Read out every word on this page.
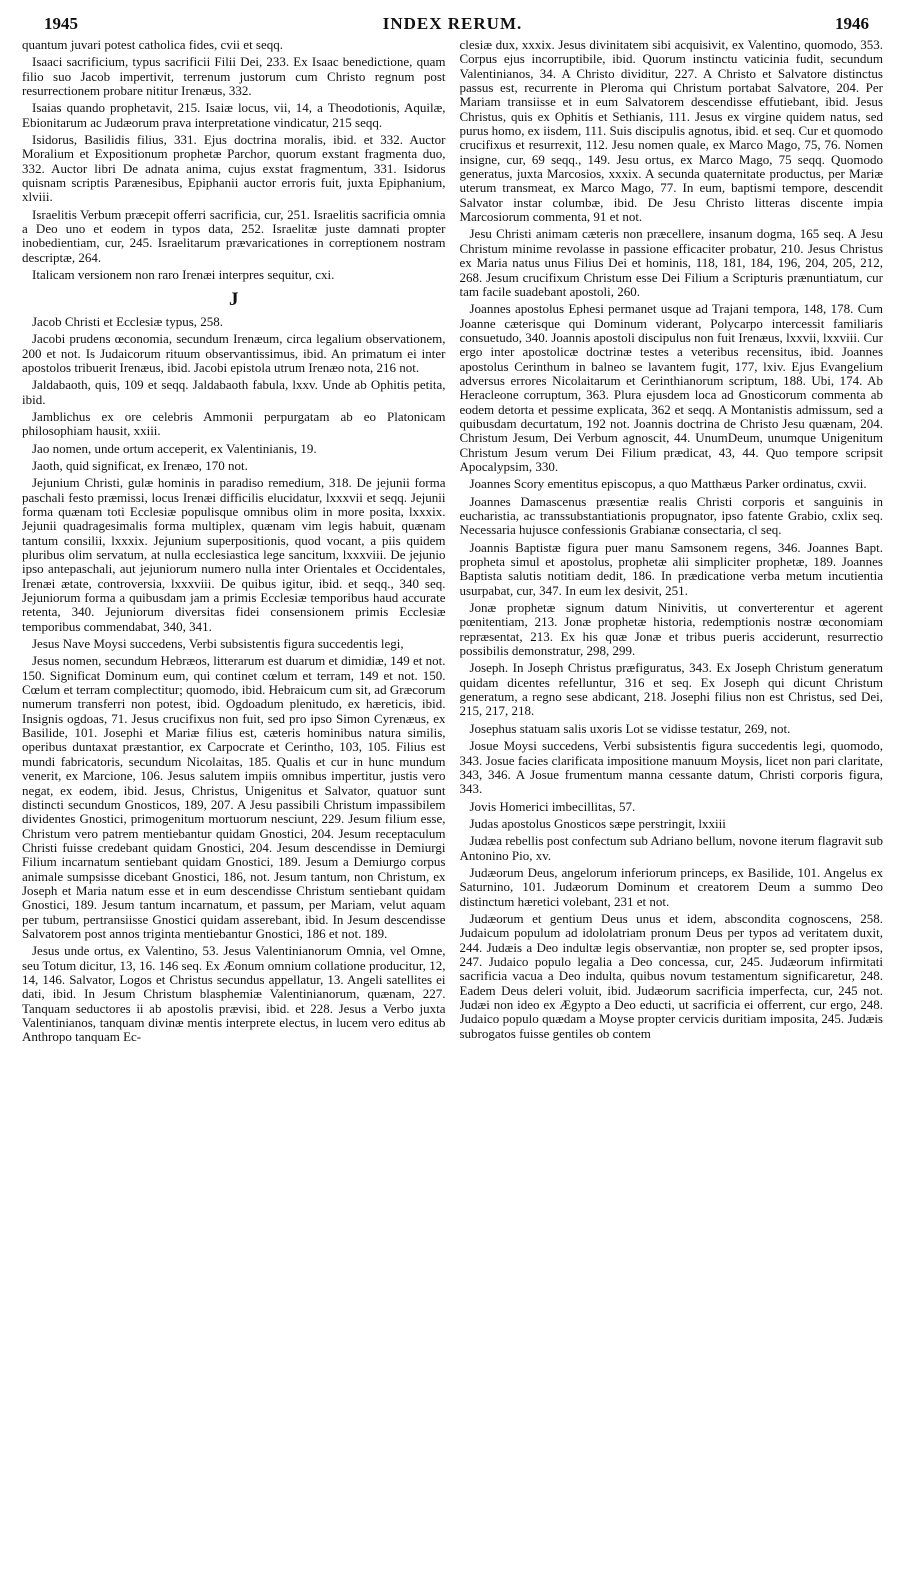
1945	INDEX RERUM.	1946

quantum juvari potest catholica fides, cvii et seqq.

Isaaci sacrificium, typus sacrificii Filii Dei, 233. Ex Isaac benedictione, quam filio suo Jacob impertivit, terrenum justorum cum Christo regnum post resurrectionem probare nititur Irenæus, 332.

Isaias quando prophetavit, 215. Isaiæ locus, vii, 14, a Theodotionis, Aquilæ, Ebionitarum ac Judæorum prava interpretatione vindicatur, 215 seqq.

Isidorus, Basilidis filius, 331. Ejus doctrina moralis, ibid. et 332. Auctor Moralium et Expositionum prophetæ Parchor, quorum exstant fragmenta duo, 332. Auctor libri De adnata anima, cujus exstat fragmentum, 331. Isidorus quisnam scriptis Parænesibus, Epiphanii auctor erroris fuit, juxta Epiphanium, xlviii.

Israelitis Verbum præcepit offerri sacrificia, cur, 251. Israelitis sacrificia omnia a Deo uno et eodem in typos data, 252. Israelitæ juste damnati propter inobedientiam, cur, 245. Israelitarum prævaricationes in correptionem nostram descriptæ, 264.

Italicam versionem non raro Irenæi interpres sequitur, cxi.

J

Jacob Christi et Ecclesiæ typus, 258.

Jacobi prudens œconomia, secundum Irenæum, circa legalium observationem, 200 et not. Is Judaicorum rituum observantissimus, ibid. An primatum ei inter apostolos tribuerit Irenæus, ibid. Jacobi epistola utrum Irenæo nota, 216 not.

Jaldabaoth, quis, 109 et seqq. Jaldabaoth fabula, lxxv. Unde ab Ophitis petita, ibid.

Jamblichus ex ore celebris Ammonii perpurgatam ab eo Platonicam philosophiam hausit, xxiii.

Jao nomen, unde ortum acceperit, ex Valentinianis, 19.

Jaoth, quid significat, ex Irenæo, 170 not.

Jejunium Christi, gulæ hominis in paradiso remedium, 318. De jejunii forma paschali festo præmissi, locus Irenæi difficilis elucidatur, lxxxvii et seqq. Jejunii forma quænam toti Ecclesiæ populisque omnibus olim in more posita, lxxxix. Jejunii quadragesimalis forma multiplex, quænam vim legis habuit, quænam tantum consilii, lxxxix. Jejunium superpositionis, quod vocant, a piis quidem pluribus olim servatum, at nulla ecclesiastica lege sancitum, lxxxviii. De jejunio ipso antepaschali, aut jejuniorum numero nulla inter Orientales et Occidentales, Irenæi ætate, controversia, lxxxviii. De quibus igitur, ibid. et seqq., 340 seq. Jejuniorum forma a quibusdam jam a primis Ecclesiæ temporibus haud accurate retenta, 340. Jejuniorum diversitas fidei consensionem primis Ecclesiæ temporibus commendabat, 340, 341.

Jesus Nave Moysi succedens, Verbi subsistentis figura succedentis legi,

Jesus nomen, secundum Hebræos, litterarum est duarum et dimidiæ, 149 et not. 150. Significat Dominum eum, qui continet cœlum et terram, 149 et not. 150. Cœlum et terram complectitur; quomodo, ibid. Hebraicum cum sit, ad Græcorum numerum transferri non potest, ibid. Ogdoadum plenitudo, ex hæreticis, ibid. Insignis ogdoas, 71. Jesus crucifixus non fuit, sed pro ipso Simon Cyrenæus, ex Basilide, 101. Josephi et Mariæ filius est, cæteris hominibus natura similis, operibus duntaxat præstantior, ex Carpocrate et Cerintho, 103, 105. Filius est mundi fabricatoris, secundum Nicolaitas, 185. Qualis et cur in hunc mundum venerit, ex Marcione, 106. Jesus salutem impiis omnibus impertitur, justis vero negat, ex eodem, ibid. Jesus, Christus, Unigenitus et Salvator, quatuor sunt distincti secundum Gnosticos, 189, 207. A Jesu passibili Christum impassibilem dividentes Gnostici, primogenitum mortuorum nesciunt, 229. Jesum filium esse, Christum vero patrem mentiebantur quidam Gnostici, 204. Jesum receptaculum Christi fuisse credebant quidam Gnostici, 204. Jesum descendisse in Demiurgi Filium incarnatum sentiebant quidam Gnostici, 189. Jesum a Demiurgo corpus animale sumpsisse dicebant Gnostici, 186, not. Jesum tantum, non Christum, ex Joseph et Maria natum esse et in eum descendisse Christum sentiebant quidam Gnostici, 189. Jesum tantum incarnatum, et passum, per Mariam, velut aquam per tubum, pertransiisse Gnostici quidam asserebant, ibid. In Jesum descendisse Salvatorem post annos triginta mentiebantur Gnostici, 186 et not. 189.

Jesus unde ortus, ex Valentino, 53. Jesus Valentinianorum Omnia, vel Omne, seu Totum dicitur, 13, 16. 146 seq. Ex Æonum omnium collatione producitur, 12, 14, 146. Salvator, Logos et Christus secundus appellatur, 13. Angeli satellites ei dati, ibid. In Jesum Christum blasphemiæ Valentinianorum, quænam, 227. Tanquam seductores ii ab apostolis prævisi, ibid. et 228. Jesus a Verbo juxta Valentinianos, tanquam divinæ mentis interprete electus, in lucem vero editus ab Anthropo tanquam Ec-

clesiæ dux, xxxix. Jesus divinitatem sibi acquisivit, ex Valentino, quomodo, 353. Corpus ejus incorruptibile, ibid. Quorum instinctu vaticinia fudit, secundum Valentinianos, 34. A Christo dividitur, 227. A Christo et Salvatore distinctus passus est, recurrente in Pleroma qui Christum portabat Salvatore, 204. Per Mariam transiisse et in eum Salvatorem descendisse effutiebant, ibid. Jesus Christus, quis ex Ophitis et Sethianis, 111. Jesus ex virgine quidem natus, sed purus homo, ex iisdem, 111. Suis discipulis agnotus, ibid. et seq. Cur et quomodo crucifixus et resurrexit, 112. Jesu nomen quale, ex Marco Mago, 75, 76. Nomen insigne, cur, 69 seqq., 149. Jesu ortus, ex Marco Mago, 75 seqq. Quomodo generatus, juxta Marcosios, xxxix. A secunda quaternitate productus, per Mariæ uterum transmeat, ex Marco Mago, 77. In eum, baptismi tempore, descendit Salvator instar columbæ, ibid. De Jesu Christo litteras discente impia Marcosiorum commenta, 91 et not.

Jesu Christi animam cæteris non præcellere, insanum dogma, 165 seq. A Jesu Christum minime revolasse in passione efficaciter probatur, 210. Jesus Christus ex Maria natus unus Filius Dei et hominis, 118, 181, 184, 196, 204, 205, 212, 268. Jesum crucifixum Christum esse Dei Filium a Scripturis prænuntiatum, cur tam facile suadebant apostoli, 260.

Joannes apostolus Ephesi permanet usque ad Trajani tempora, 148, 178. Cum Joanne cæterisque qui Dominum viderant, Polycarpo intercessit familiaris consuetudo, 340. Joannis apostoli discipulus non fuit Irenæus, lxxvii, lxxviii. Cur ergo inter apostolicæ doctrinæ testes a veteribus recensitus, ibid. Joannes apostolus Cerinthum in balneo se lavantem fugit, 177, lxiv. Ejus Evangelium adversus errores Nicolaitarum et Cerinthianorum scriptum, 188. Ubi, 174. Ab Heracleone corruptum, 363. Plura ejusdem loca ad Gnosticorum commenta ab eodem detorta et pessime explicata, 362 et seqq. A Montanistis admissum, sed a quibusdam decurtatum, 192 not. Joannis doctrina de Christo Jesu quænam, 204. Christum Jesum, Dei Verbum agnoscit, 44. UnumDeum, unumque Unigenitum Christum Jesum verum Dei Filium prædicat, 43, 44. Quo tempore scripsit Apocalypsim, 330.

Joannes Scory ementitus episcopus, a quo Matthæus Parker ordinatus, cxvii.

Joannes Damascenus præsentiæ realis Christi corporis et sanguinis in eucharistia, ac transsubstantiationis propugnator, ipso fatente Grabio, cxlix seq. Necessaria hujusce confessionis Grabianæ consectaria, cl seq.

Joannis Baptistæ figura puer manu Samsonem regens, 346. Joannes Bapt. propheta simul et apostolus, prophetæ alii simpliciter prophetæ, 189. Joannes Baptista salutis notitiam dedit, 186. In prædicatione verba metum incutientia usurpabat, cur, 347. In eum lex desivit, 251.

Jonæ prophetæ signum datum Ninivitis, ut converterentur et agerent pœnitentiam, 213. Jonæ prophetæ historia, redemptionis nostræ œconomiam repræsentat, 213. Ex his quæ Jonæ et tribus pueris acciderunt, resurrectio possibilis demonstratur, 298, 299.

Joseph. In Joseph Christus præfiguratus, 343. Ex Joseph Christum generatum quidam dicentes refelluntur, 316 et seq. Ex Joseph qui dicunt Christum generatum, a regno sese abdicant, 218. Josephi filius non est Christus, sed Dei, 215, 217, 218.

Josephus statuam salis uxoris Lot se vidisse testatur, 269, not.

Josue Moysi succedens, Verbi subsistentis figura succedentis legi, quomodo, 343. Josue facies clarificata impositione manuum Moysis, licet non pari claritate, 343, 346. A Josue frumentum manna cessante datum, Christi corporis figura, 343.

Jovis Homerici imbecillitas, 57.

Judas apostolus Gnosticos sæpe perstringit, lxxiii

Judæa rebellis post confectum sub Adriano bellum, novone iterum flagravit sub Antonino Pio, xv.

Judæorum Deus, angelorum inferiorum princeps, ex Basilide, 101. Angelus ex Saturnino, 101. Judæorum Dominum et creatorem Deum a summo Deo distinctum hæretici volebant, 231 et not.

Judæorum et gentium Deus unus et idem, abscondita cognoscens, 258. Judaicum populum ad idololatriam pronum Deus per typos ad veritatem duxit, 244. Judæis a Deo indultæ legis observantiæ, non propter se, sed propter ipsos, 247. Judaico populo legalia a Deo concessa, cur, 245. Judæorum infirmitati sacrificia vacua a Deo indulta, quibus novum testamentum significaretur, 248. Eadem Deus deleri voluit, ibid. Judæorum sacrificia imperfecta, cur, 245 not. Judæi non ideo ex Ægypto a Deo educti, ut sacrificia ei offerrent, cur ergo, 248. Judaico populo quædam a Moyse propter cervicis duritiam imposita, 245. Judæis subrogatos fuisse gentiles ob contem
